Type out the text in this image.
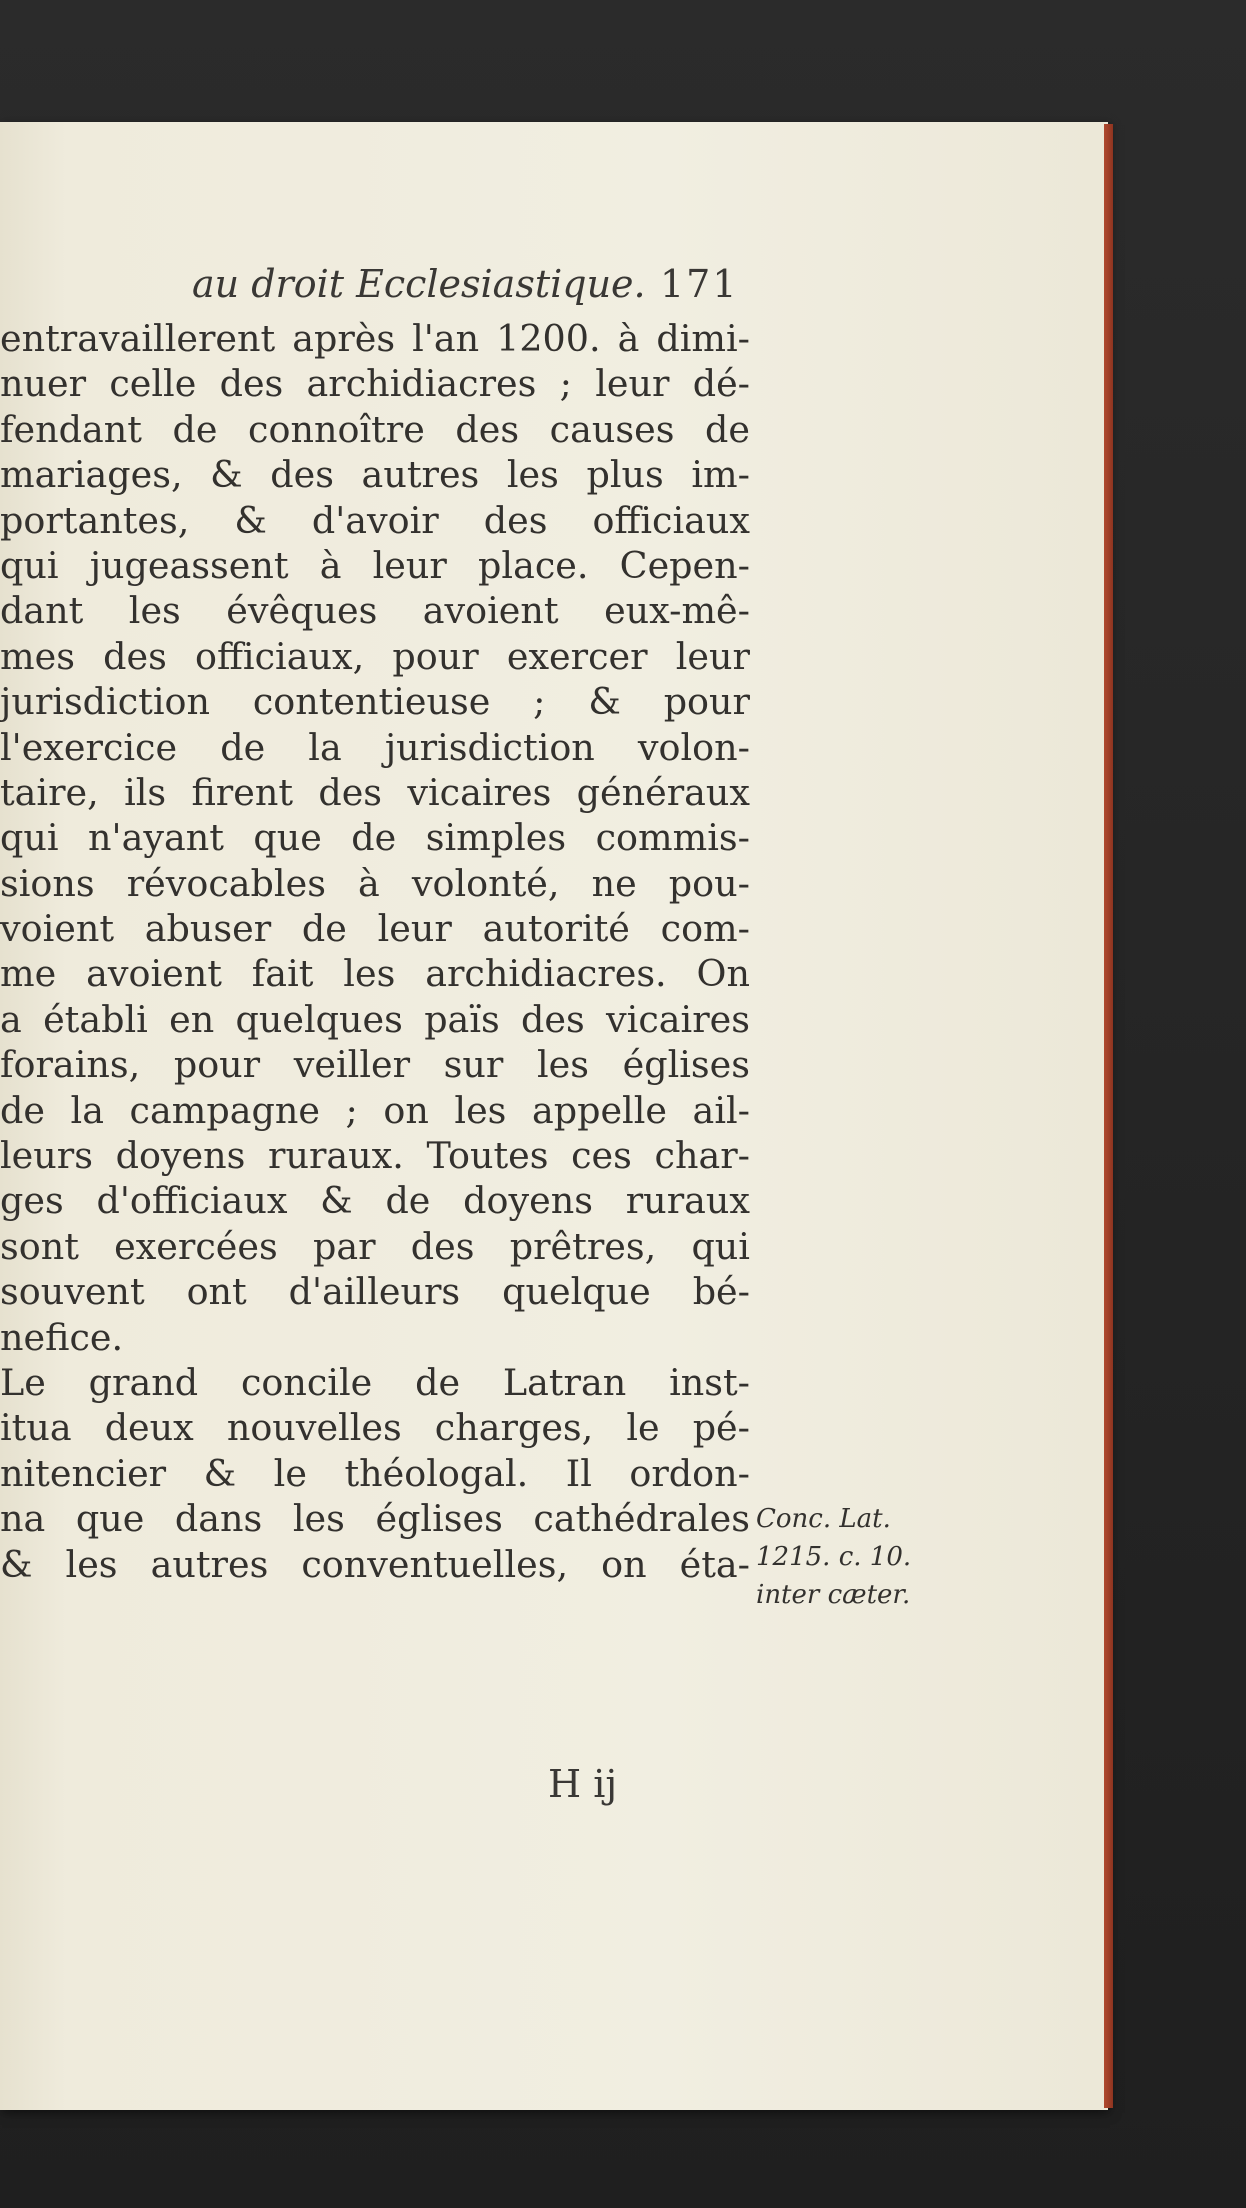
au droit Ecclesiastique. 171
entravaillerent après l'an 1200. à dimi-
nuer celle des archidiacres ; leur dé-
fendant de connoître des causes de
mariages, & des autres les plus im-
portantes, & d'avoir des officiaux
qui jugeassent à leur place. Cepen-
dant les évêques avoient eux-mê-
mes des officiaux, pour exercer leur
jurisdiction contentieuse ; & pour
l'exercice de la jurisdiction volon-
taire, ils firent des vicaires généraux
qui n'ayant que de simples commis-
sions révocables à volonté, ne pou-
voient abuser de leur autorité com-
me avoient fait les archidiacres. On
a établi en quelques païs des vicaires
forains, pour veiller sur les églises
de la campagne ; on les appelle ail-
leurs doyens ruraux. Toutes ces char-
ges d'officiaux & de doyens ruraux
sont exercées par des prêtres, qui
souvent ont d'ailleurs quelque bé-
nefice.
Le grand concile de Latran inst-
itua deux nouvelles charges, le pé-
nitencier & le théologal. Il ordon-
na que dans les églises cathédrales
& les autres conventuelles, on éta-
Conc. Lat.
1215. c. 10.
inter cæter.
H ij
